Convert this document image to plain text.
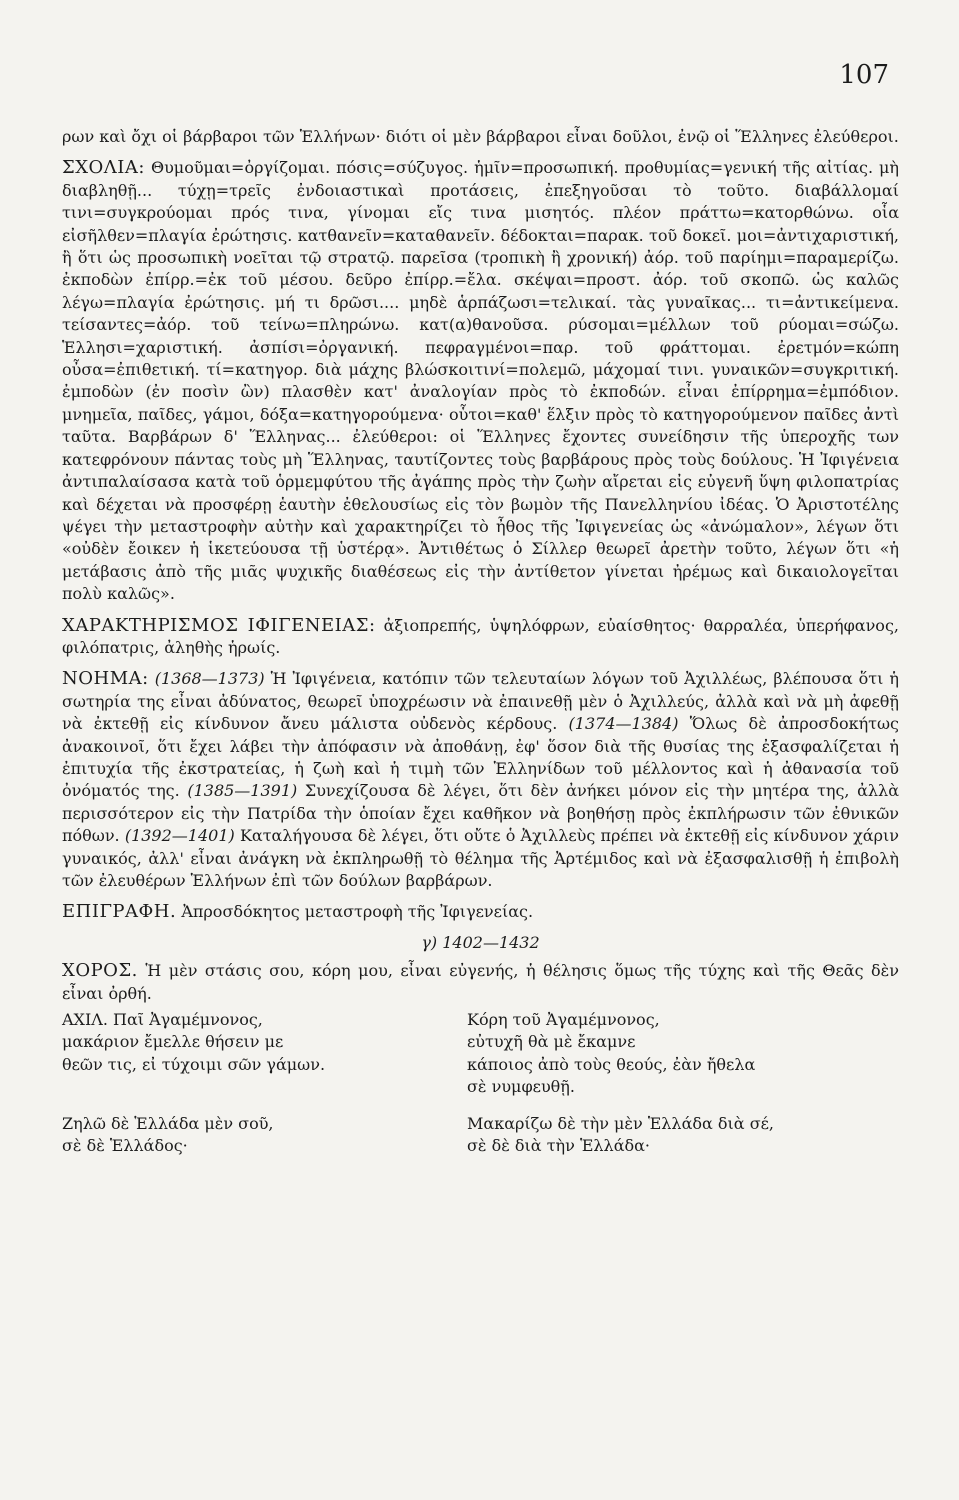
107

ρων καὶ ὄχι οἱ βάρβαροι τῶν Ἑλλήνων· διότι οἱ μὲν βάρβαροι εἶναι δοῦλοι, ἐνῷ οἱ Ἕλληνες ἐλεύθεροι.

ΣΧΟΛΙΑ: Θυμοῦμαι=ὀργίζομαι. πόσις=σύζυγος. ἡμῖν=προσωπική. προθυμίας=γενική τῆς αἰτίας. μὴ διαβληθῇ... τύχῃ=τρεῖς ἐνδοιαστικαὶ προτάσεις, ἐπεξηγοῦσαι τὸ τοῦτο. διαβάλλομαί τινι=συγκρούομαι πρός τινα, γίνομαι εἴς τινα μισητός. πλέον πράττω=κατορθώνω. οἷα εἰσῆλθεν=πλαγία ἐρώτησις. κατθανεῖν=καταθανεῖν. δέδοκται=παρακ. τοῦ δοκεῖ. μοι=ἀντιχαριστική, ἢ ὅτι ὡς προσωπικὴ νοεῖται τῷ στρατῷ. παρεῖσα (τροπικὴ ἢ χρονική) ἀόρ. τοῦ παρίημι=παραμερίζω. ἐκποδὼν ἐπίρρ.=ἐκ τοῦ μέσου. δεῦρο ἐπίρρ.=ἔλα. σκέψαι=προστ. ἀόρ. τοῦ σκοπῶ. ὡς καλῶς λέγω=πλαγία ἐρώτησις. μή τι δρῶσι.... μηδὲ ἁρπάζωσι=τελικαί. τὰς γυναῖκας... τι=ἀντικείμενα. τείσαντες=ἀόρ. τοῦ τείνω=πληρώνω. κατ(α)θανοῦσα. ρύσομαι=μέλλων τοῦ ρύομαι=σώζω. Ἑλλησι=χαριστική. ἀσπίσι=ὀργανική. πεφραγμένοι=παρ. τοῦ φράττομαι. ἐρετμόν=κώπη οὖσα=ἐπιθετική. τί=κατηγορ. διὰ μάχης βλώσκοιτινί=πολεμῶ, μάχομαί τινι. γυναικῶν=συγκριτική. ἐμποδὼν (ἐν ποσὶν ὢν) πλασθὲν κατ' ἀναλογίαν πρὸς τὸ ἐκποδών. εἶναι ἐπίρρημα=ἐμπόδιον. μνημεῖα, παῖδες, γάμοι, δόξα=κατηγορούμενα· οὗτοι=καθ' ἕλξιν πρὸς τὸ κατηγορούμενον παῖδες ἀντὶ ταῦτα. Βαρβάρων δ' Ἕλληνας... ἐλεύθεροι: οἱ Ἕλληνες ἔχοντες συνείδησιν τῆς ὑπεροχῆς των κατεφρόνουν πάντας τοὺς μὴ Ἕλληνας, ταυτίζοντες τοὺς βαρβάρους πρὸς τοὺς δούλους. Ἡ Ἰφιγένεια ἀντιπαλαίσασα κατὰ τοῦ ὁρμεμφύτου τῆς ἀγάπης πρὸς τὴν ζωὴν αἴρεται εἰς εὐγενῆ ὕψη φιλοπατρίας καὶ δέχεται νὰ προσφέρῃ ἑαυτὴν ἐθελουσίως εἰς τὸν βωμὸν τῆς Πανελληνίου ἰδέας. Ὁ Ἀριστοτέλης ψέγει τὴν μεταστροφὴν αὐτὴν καὶ χαρακτηρίζει τὸ ἦθος τῆς Ἰφιγενείας ὡς «ἀνώμαλον», λέγων ὅτι «οὐδὲν ἔοικεν ἡ ἱκετεύουσα τῇ ὑστέρᾳ». Ἀντιθέτως ὁ Σίλλερ θεωρεῖ ἀρετὴν τοῦτο, λέγων ὅτι «ἡ μετάβασις ἀπὸ τῆς μιᾶς ψυχικῆς διαθέσεως εἰς τὴν ἀντίθετον γίνεται ἠρέμως καὶ δικαιολογεῖται πολὺ καλῶς».

ΧΑΡΑΚΤΗΡΙΣΜΟΣ ΙΦΙΓΕΝΕΙΑΣ: ἀξιοπρεπής, ὑψηλόφρων, εὐαίσθητος· θαρραλέα, ὑπερήφανος, φιλόπατρις, ἀληθὴς ἡρωίς.

ΝΟΗΜΑ: (1368—1373) Ἡ Ἰφιγένεια, κατόπιν τῶν τελευταίων λόγων τοῦ Ἀχιλλέως, βλέπουσα ὅτι ἡ σωτηρία της εἶναι ἀδύνατος, θεωρεῖ ὑποχρέωσιν νὰ ἐπαινεθῇ μὲν ὁ Ἀχιλλεύς, ἀλλὰ καὶ νὰ μὴ ἀφεθῇ νὰ ἐκτεθῇ εἰς κίνδυνον ἄνευ μάλιστα οὐδενὸς κέρδους. (1374—1384) Ὅλως δὲ ἀπροσδοκήτως ἀνακοινοῖ, ὅτι ἔχει λάβει τὴν ἀπόφασιν νὰ ἀποθάνῃ, ἐφ' ὅσον διὰ τῆς θυσίας της ἐξασφαλίζεται ἡ ἐπιτυχία τῆς ἐκστρατείας, ἡ ζωὴ καὶ ἡ τιμὴ τῶν Ἑλληνίδων τοῦ μέλλοντος καὶ ἡ ἀθανασία τοῦ ὀνόματός της. (1385—1391) Συνεχίζουσα δὲ λέγει, ὅτι δὲν ἀνήκει μόνον εἰς τὴν μητέρα της, ἀλλὰ περισσότερον εἰς τὴν Πατρίδα τὴν ὁποίαν ἔχει καθῆκον νὰ βοηθήσῃ πρὸς ἐκπλήρωσιν τῶν ἐθνικῶν πόθων. (1392—1401) Καταλήγουσα δὲ λέγει, ὅτι οὔτε ὁ Ἀχιλλεὺς πρέπει νὰ ἐκτεθῇ εἰς κίνδυνον χάριν γυναικός, ἀλλ' εἶναι ἀνάγκη νὰ ἐκπληρωθῇ τὸ θέλημα τῆς Ἀρτέμιδος καὶ νὰ ἐξασφαλισθῇ ἡ ἐπιβολὴ τῶν ἐλευθέρων Ἑλλήνων ἐπὶ τῶν δούλων βαρβάρων.

ΕΠΙΓΡΑΦΗ. Ἀπροσδόκητος μεταστροφὴ τῆς Ἰφιγενείας.

γ) 1402—1432

ΧΟΡΟΣ. Ἡ μὲν στάσις σου, κόρη μου, εἶναι εὐγενής, ἡ θέλησις ὅμως τῆς τύχης καὶ τῆς Θεᾶς δὲν εἶναι ὀρθή.

ΑΧΙΛ. Παῖ Ἀγαμέμνονος,	Κόρη τοῦ Ἀγαμέμνονος,
μακάριον ἔμελλε θήσειν με	εὐτυχῆ θὰ μὲ ἔκαμνε
θεῶν τις, εἰ τύχοιμι σῶν γάμων.	κάποιος ἀπὸ τοὺς θεούς, ἐὰν ἤθελα
σὲ νυμφευθῇ.
Ζηλῶ δὲ Ἑλλάδα μὲν σοῦ,	Μακαρίζω δὲ τὴν μὲν Ἑλλάδα διὰ σέ,
σὲ δὲ Ἑλλάδος·	σὲ δὲ διὰ τὴν Ἑλλάδα·
